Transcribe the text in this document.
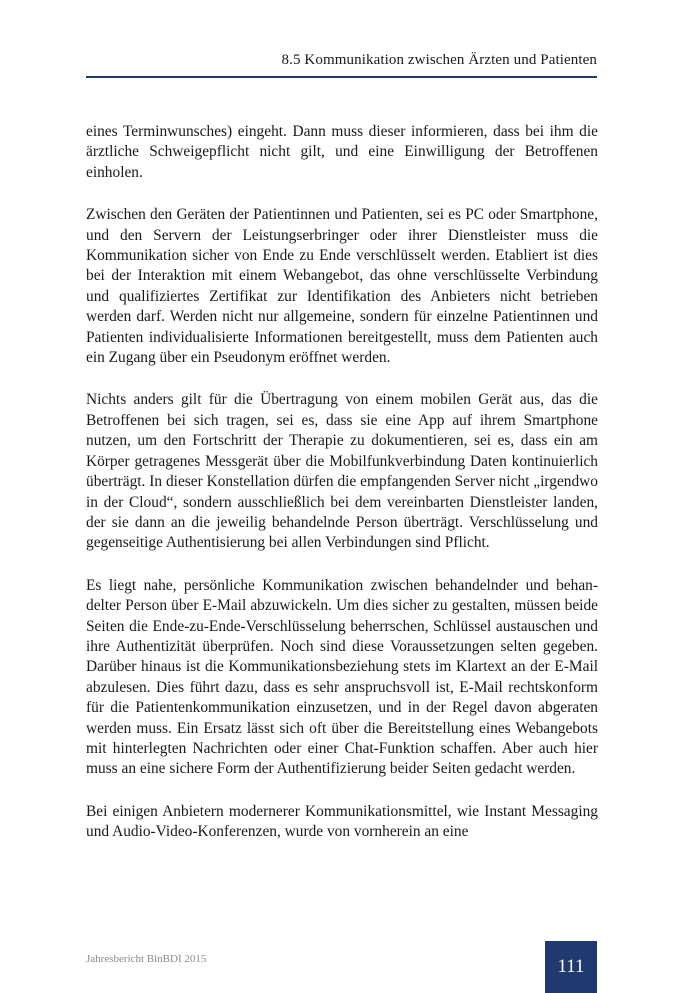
8.5 Kommunikation zwischen Ärzten und Patienten

eines Terminwunsches) eingeht. Dann muss dieser informieren, dass bei ihm die ärztliche Schweigepflicht nicht gilt, und eine Einwilligung der Betroffenen einholen.

Zwischen den Geräten der Patientinnen und Patienten, sei es PC oder Smartphone, und den Servern der Leistungserbringer oder ihrer Dienstleister muss die Kommunikation sicher von Ende zu Ende verschlüsselt werden. Etabliert ist dies bei der Interaktion mit einem Webangebot, das ohne verschlüsselte Verbindung und qualifiziertes Zertifikat zur Identifikation des Anbieters nicht betrieben werden darf. Werden nicht nur allgemeine, sondern für einzelne Patientinnen und Patienten individualisierte Informationen bereitgestellt, muss dem Patienten auch ein Zugang über ein Pseudonym eröffnet werden.

Nichts anders gilt für die Übertragung von einem mobilen Gerät aus, das die Betroffenen bei sich tragen, sei es, dass sie eine App auf ihrem Smartphone nutzen, um den Fortschritt der Therapie zu dokumentieren, sei es, dass ein am Körper getragenes Messgerät über die Mobilfunkverbindung Daten kontinuierlich überträgt. In dieser Konstellation dürfen die empfangenden Server nicht „irgendwo in der Cloud“, sondern ausschließlich bei dem vereinbarten Dienstleister landen, der sie dann an die jeweilig behandelnde Person überträgt. Verschlüsselung und gegenseitige Authentisierung bei allen Verbindungen sind Pflicht.

Es liegt nahe, persönliche Kommunikation zwischen behandelnder und behandelter Person über E-Mail abzuwickeln. Um dies sicher zu gestalten, müssen beide Seiten die Ende-zu-Ende-Verschlüsselung beherrschen, Schlüssel austauschen und ihre Authentizität überprüfen. Noch sind diese Voraussetzungen selten gegeben. Darüber hinaus ist die Kommunikationsbeziehung stets im Klartext an der E-Mail abzulesen. Dies führt dazu, dass es sehr anspruchsvoll ist, E-Mail rechtskonform für die Patientenkommunikation einzusetzen, und in der Regel davon abgeraten werden muss. Ein Ersatz lässt sich oft über die Bereitstellung eines Webangebots mit hinterlegten Nachrichten oder einer Chat-Funktion schaffen. Aber auch hier muss an eine sichere Form der Authentifizierung beider Seiten gedacht werden.

Bei einigen Anbietern modernerer Kommunikationsmittel, wie Instant Messaging und Audio-Video-Konferenzen, wurde von vornherein an eine

Jahresbericht BlnBDI 2015	111
